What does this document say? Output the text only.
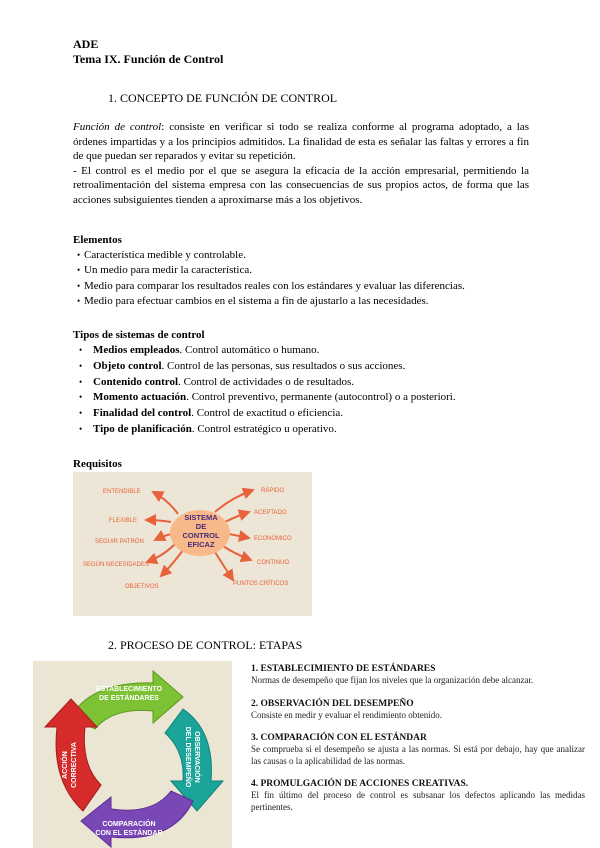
ADE
Tema IX. Función de Control
1. CONCEPTO DE FUNCIÓN DE CONTROL

Función de control: consiste en verificar si todo se realiza conforme al programa adoptado, a las órdenes impartidas y a los principios admitidos. La finalidad de esta es señalar las faltas y errores a fin de que puedan ser reparados y evitar su repetición.

- El control es el medio por el que se asegura la eficacia de la acción empresarial, permitiendo la retroalimentación del sistema empresa con las consecuencias de sus propios actos, de forma que las acciones subsiguientes tienden a aproximarse más a los objetivos.

Elementos
• Característica medible y controlable.
• Un medio para medir la característica.
• Medio para comparar los resultados reales con los estándares y evaluar las diferencias.
• Medio para efectuar cambios en el sistema a fin de ajustarlo a las necesidades.
Tipos de sistemas de control
• Medios empleados. Control automático o humano.
• Objeto control. Control de las personas, sus resultados o sus acciones.
• Contenido control. Control de actividades o de resultados.
• Momento actuación. Control preventivo, permanente (autocontrol) o a posteriori.
• Finalidad del control. Control de exactitud o eficiencia.
• Tipo de planificación. Control estratégico u operativo.
Requisitos
SISTEMA
DE
CONTROL
EFICAZ
ENTENDIBLE
FLEXIBLE
SEGUIR PATRÓN
SEGÚN NECESIDADES
OBJETIVOS
RÁPIDO
ACEPTADO
ECONÓMICO
CONTINUO
PUNTOS CRÍTICOS
2. PROCESO DE CONTROL: ETAPAS
ESTABLECIMIENTO
DE ESTÁNDARES
COMPARACIÓN
CON EL ESTÁNDAR
OBSERVACIÓN
DEL DESEMPEÑO
ACCIÓN CORRECTIVA
1. ESTABLECIMIENTO DE ESTÁNDARES
Normas de desempeño que fijan los niveles que la organización debe alcanzar.
2. OBSERVACIÓN DEL DESEMPEÑO
Consiste en medir y evaluar el rendimiento obtenido.
3. COMPARACIÓN CON EL ESTÁNDAR
Se comprueba si el desempeño se ajusta a las normas. Si está por debajo, hay que analizar las causas o la aplicabilidad de las normas.
4. PROMULGACIÓN DE ACCIONES CREATIVAS.
El fin último del proceso de control es subsanar los defectos aplicando las medidas pertinentes.
